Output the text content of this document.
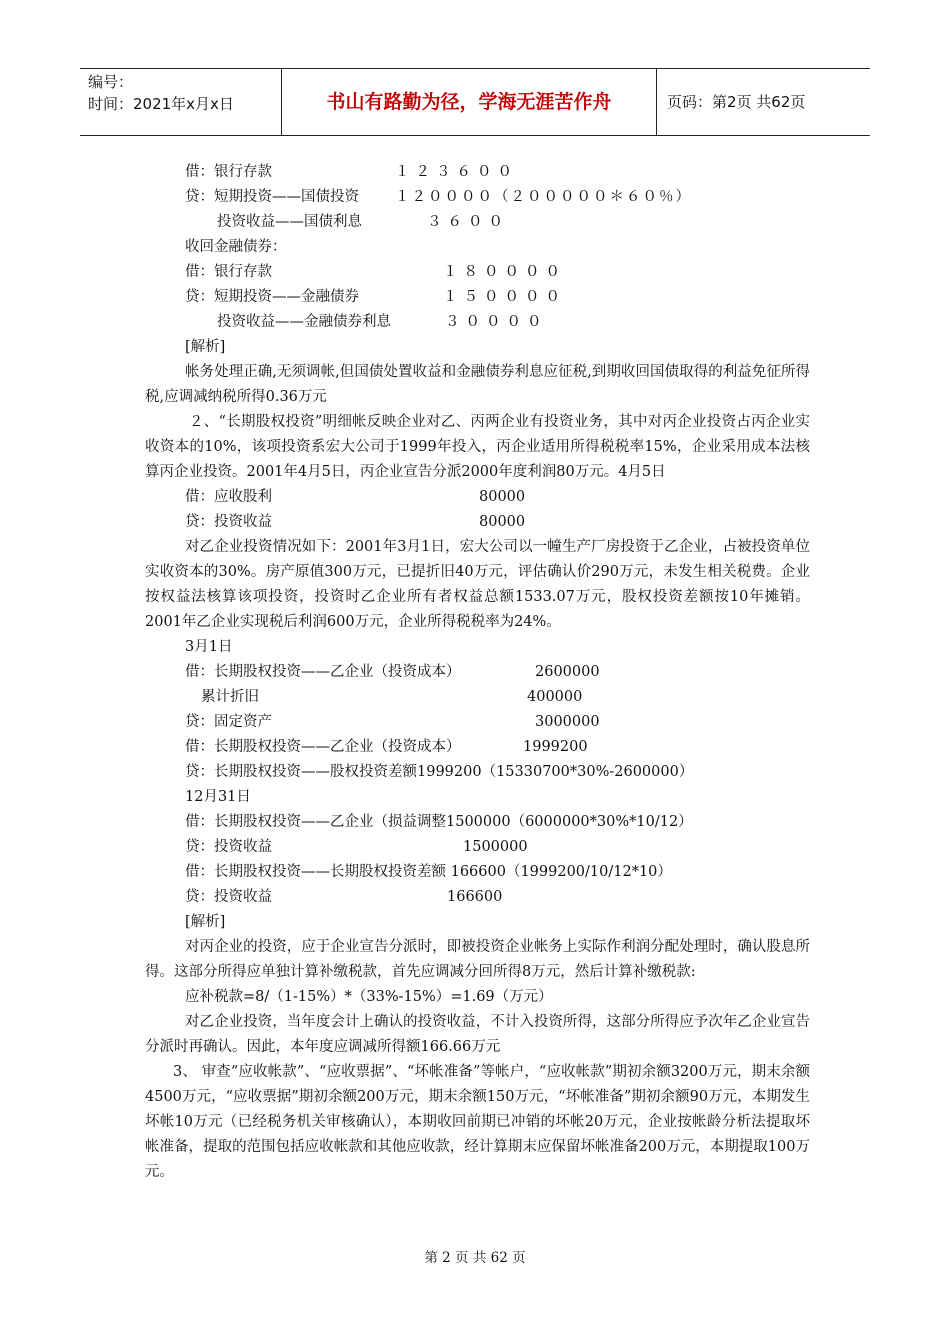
编号：
时间：2021年x月x日	书山有路勤为径，学海无涯苦作舟	页码：第2页 共62页
借：银行存款	１２３６００
贷：短期投资——国债投资 １２００００（２０００００＊６０％）
投资收益——国债利息	３６００
收回金融债券：
借：银行存款	１８００００
贷：短期投资——金融债券	１５００００
投资收益——金融债券利息	３００００
[解析]

帐务处理正确,无须调帐,但国债处置收益和金融债券利息应征税,到期收回国债取得的利益免征所得税,应调减纳税所得0.36万元

２、“长期股权投资”明细帐反映企业对乙、丙两企业有投资业务，其中对丙企业投资占丙企业实收资本的10%，该项投资系宏大公司于1999年投入，丙企业适用所得税税率15%，企业采用成本法核算丙企业投资。2001年4月5日，丙企业宣告分派2000年度利润80万元。4月5日

借：应收股利	80000
贷：投资收益	80000

对乙企业投资情况如下：2001年3月1日，宏大公司以一幢生产厂房投资于乙企业，占被投资单位实收资本的30%。房产原值300万元，已提折旧40万元，评估确认价290万元，未发生相关税费。企业按权益法核算该项投资，投资时乙企业所有者权益总额1533.07万元，股权投资差额按10年摊销。2001年乙企业实现税后利润600万元，企业所得税税率为24%。

3月1日
借：长期股权投资——乙企业（投资成本）	2600000
累计折旧	400000
贷：固定资产	3000000
借：长期股权投资——乙企业（投资成本）	1999200
贷：长期股权投资——股权投资差额1999200（15330700*30%-2600000）
12月31日
借：长期股权投资——乙企业（损益调整1500000（6000000*30%*10/12）
贷：投资收益	1500000
借：长期股权投资——长期股权投资差额 166600（1999200/10/12*10）
贷：投资收益	166600
[解析]

对丙企业的投资，应于企业宣告分派时，即被投资企业帐务上实际作利润分配处理时，确认股息所得。这部分所得应单独计算补缴税款，首先应调减分回所得8万元，然后计算补缴税款:

应补税款=8/（1-15%）*（33%-15%）=1.69（万元）

对乙企业投资，当年度会计上确认的投资收益，不计入投资所得，这部分所得应予次年乙企业宣告分派时再确认。因此，本年度应调减所得额166.66万元

3、 审查“应收帐款”、“应收票据”、“坏帐准备”等帐户，“应收帐款”期初余额3200万元，期末余额4500万元，“应收票据”期初余额200万元，期末余额150万元，“坏帐准备”期初余额90万元，本期发生坏帐10万元（已经税务机关审核确认），本期收回前期已冲销的坏帐20万元，企业按帐龄分析法提取坏帐准备，提取的范围包括应收帐款和其他应收款，经计算期末应保留坏帐准备200万元，本期提取100万元。

第 2 页 共 62 页
